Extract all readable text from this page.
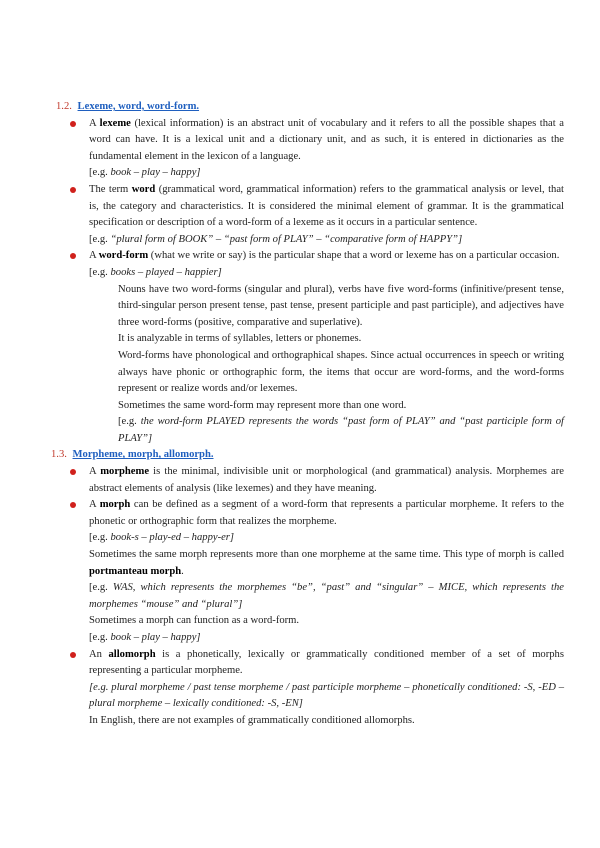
1.2. Lexeme, word, word-form.

A lexeme (lexical information) is an abstract unit of vocabulary and it refers to all the possible shapes that a word can have. It is a lexical unit and a dictionary unit, and as such, it is entered in dictionaries as the fundamental element in the lexicon of a language.

[e.g. book – play – happy]

The term word (grammatical word, grammatical information) refers to the grammatical analysis or level, that is, the category and characteristics. It is considered the minimal element of grammar. It is the grammatical specification or description of a word-form of a lexeme as it occurs in a particular sentence.

[e.g. “plural form of BOOK” – “past form of PLAY” – “comparative form of HAPPY”]

A word-form (what we write or say) is the particular shape that a word or lexeme has on a particular occasion.

[e.g. books – played – happier]

Nouns have two word-forms (singular and plural), verbs have five word-forms (infinitive/present tense, third-singular person present tense, past tense, present participle and past participle), and adjectives have three word-forms (positive, comparative and superlative).

It is analyzable in terms of syllables, letters or phonemes.

Word-forms have phonological and orthographical shapes. Since actual occurrences in speech or writing always have phonic or orthographic form, the items that occur are word-forms, and the word-forms represent or realize words and/or lexemes.

Sometimes the same word-form may represent more than one word.

[e.g. the word-form PLAYED represents the words “past form of PLAY” and “past participle form of PLAY”]

1.3. Morpheme, morph, allomorph.

A morpheme is the minimal, indivisible unit or morphological (and grammatical) analysis. Morphemes are abstract elements of analysis (like lexemes) and they have meaning.

A morph can be defined as a segment of a word-form that represents a particular morpheme. It refers to the phonetic or orthographic form that realizes the morpheme.

[e.g. book-s – play-ed – happy-er]

Sometimes the same morph represents more than one morpheme at the same time. This type of morph is called portmanteau morph.

[e.g. WAS, which represents the morphemes “be”, “past” and “singular” – MICE, which represents the morphemes “mouse” and “plural”]

Sometimes a morph can function as a word-form.

[e.g. book – play – happy]

An allomorph is a phonetically, lexically or grammatically conditioned member of a set of morphs representing a particular morpheme.

[e.g. plural morpheme / past tense morpheme / past participle morpheme – phonetically conditioned: -S, -ED – plural morpheme – lexically conditioned: -S, -EN]

In English, there are not examples of grammatically conditioned allomorphs.
